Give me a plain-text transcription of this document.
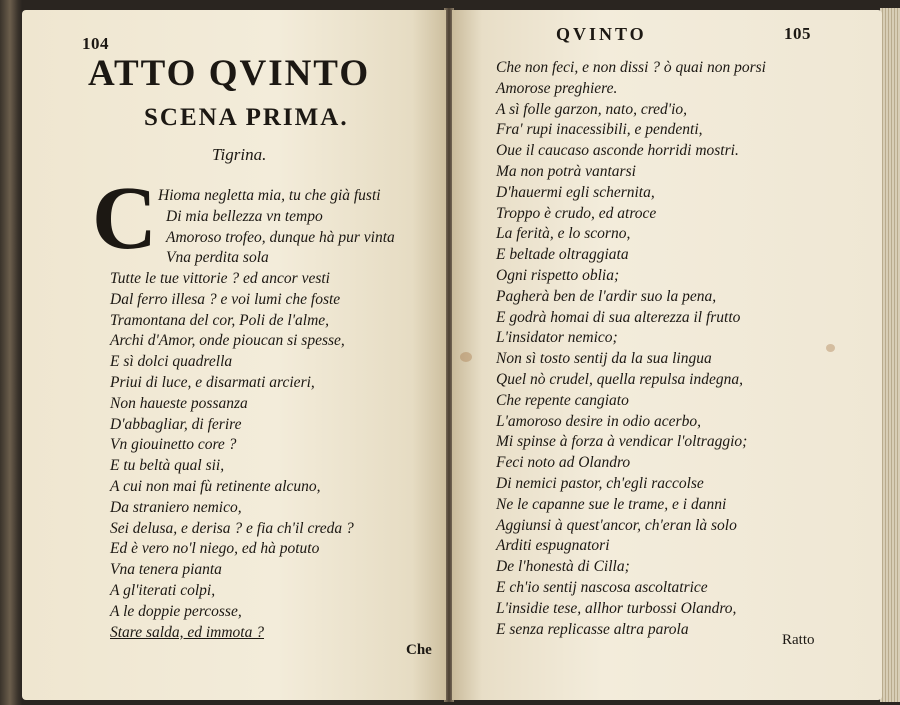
104
ATTO QVINTO
SCENA PRIMA.
Tigrina.
C Hioma negletta mia, tu che già fusti
Di mia bellezza vn tempo
Amoroso trofeo, dunque hà pur vinta
Vna perdita sola
Tutte le tue vittorie ? ed ancor vesti
Dal ferro illesa ? e voi lumi che foste
Tramontana del cor, Poli de l'alme,
Archi d'Amor, onde pioucan si spesse,
E sì dolci quadrella
Priui di luce, e disarmati arcieri,
Non haueste possanza
D'abbagliar, di ferire
Vn giouinetto core ?
E tu beltà qual sii,
A cui non mai fù retinente alcuno,
Da straniero nemico,
Sei delusa, e derisa ? e fia ch'il creda ?
Ed è vero no'l niego, ed hà potuto
Vna tenera pianta
A gl'iterati colpi,
A le doppie percosse,
Stare salda, ed immota ?
Che
QVINTO	105
Che non feci, e non dissi ? ò quai non porsi
Amorose preghiere.
A sì folle garzon, nato, cred'io,
Fra' rupi inacessibili, e pendenti,
Oue il caucaso asconde horridi mostri.
Ma non potrà vantarsi
D'hauermi egli schernita,
Troppo è crudo, ed atroce
La ferità, e lo scorno,
E beltade oltraggiata
Ogni rispetto oblia;
Pagherà ben de l'ardir suo la pena,
E godrà homai di sua alterezza il frutto
L'insidator nemico;
Non sì tosto sentij da la sua lingua
Quel nò crudel, quella repulsa indegna,
Che repente cangiato
L'amoroso desire in odio acerbo,
Mi spinse à forza à vendicar l'oltraggio;
Feci noto ad Olandro
Di nemici pastor, ch'egli raccolse
Ne le capanne sue le trame, e i danni
Aggiunsi à quest'ancor, ch'eran là solo
Arditi espugnatori
De l'honestà di Cilla;
E ch'io sentij nascosa ascoltatrice
L'insidie tese, allhor turbossi Olandro,
E senza replicasse altra parola
Ratto
